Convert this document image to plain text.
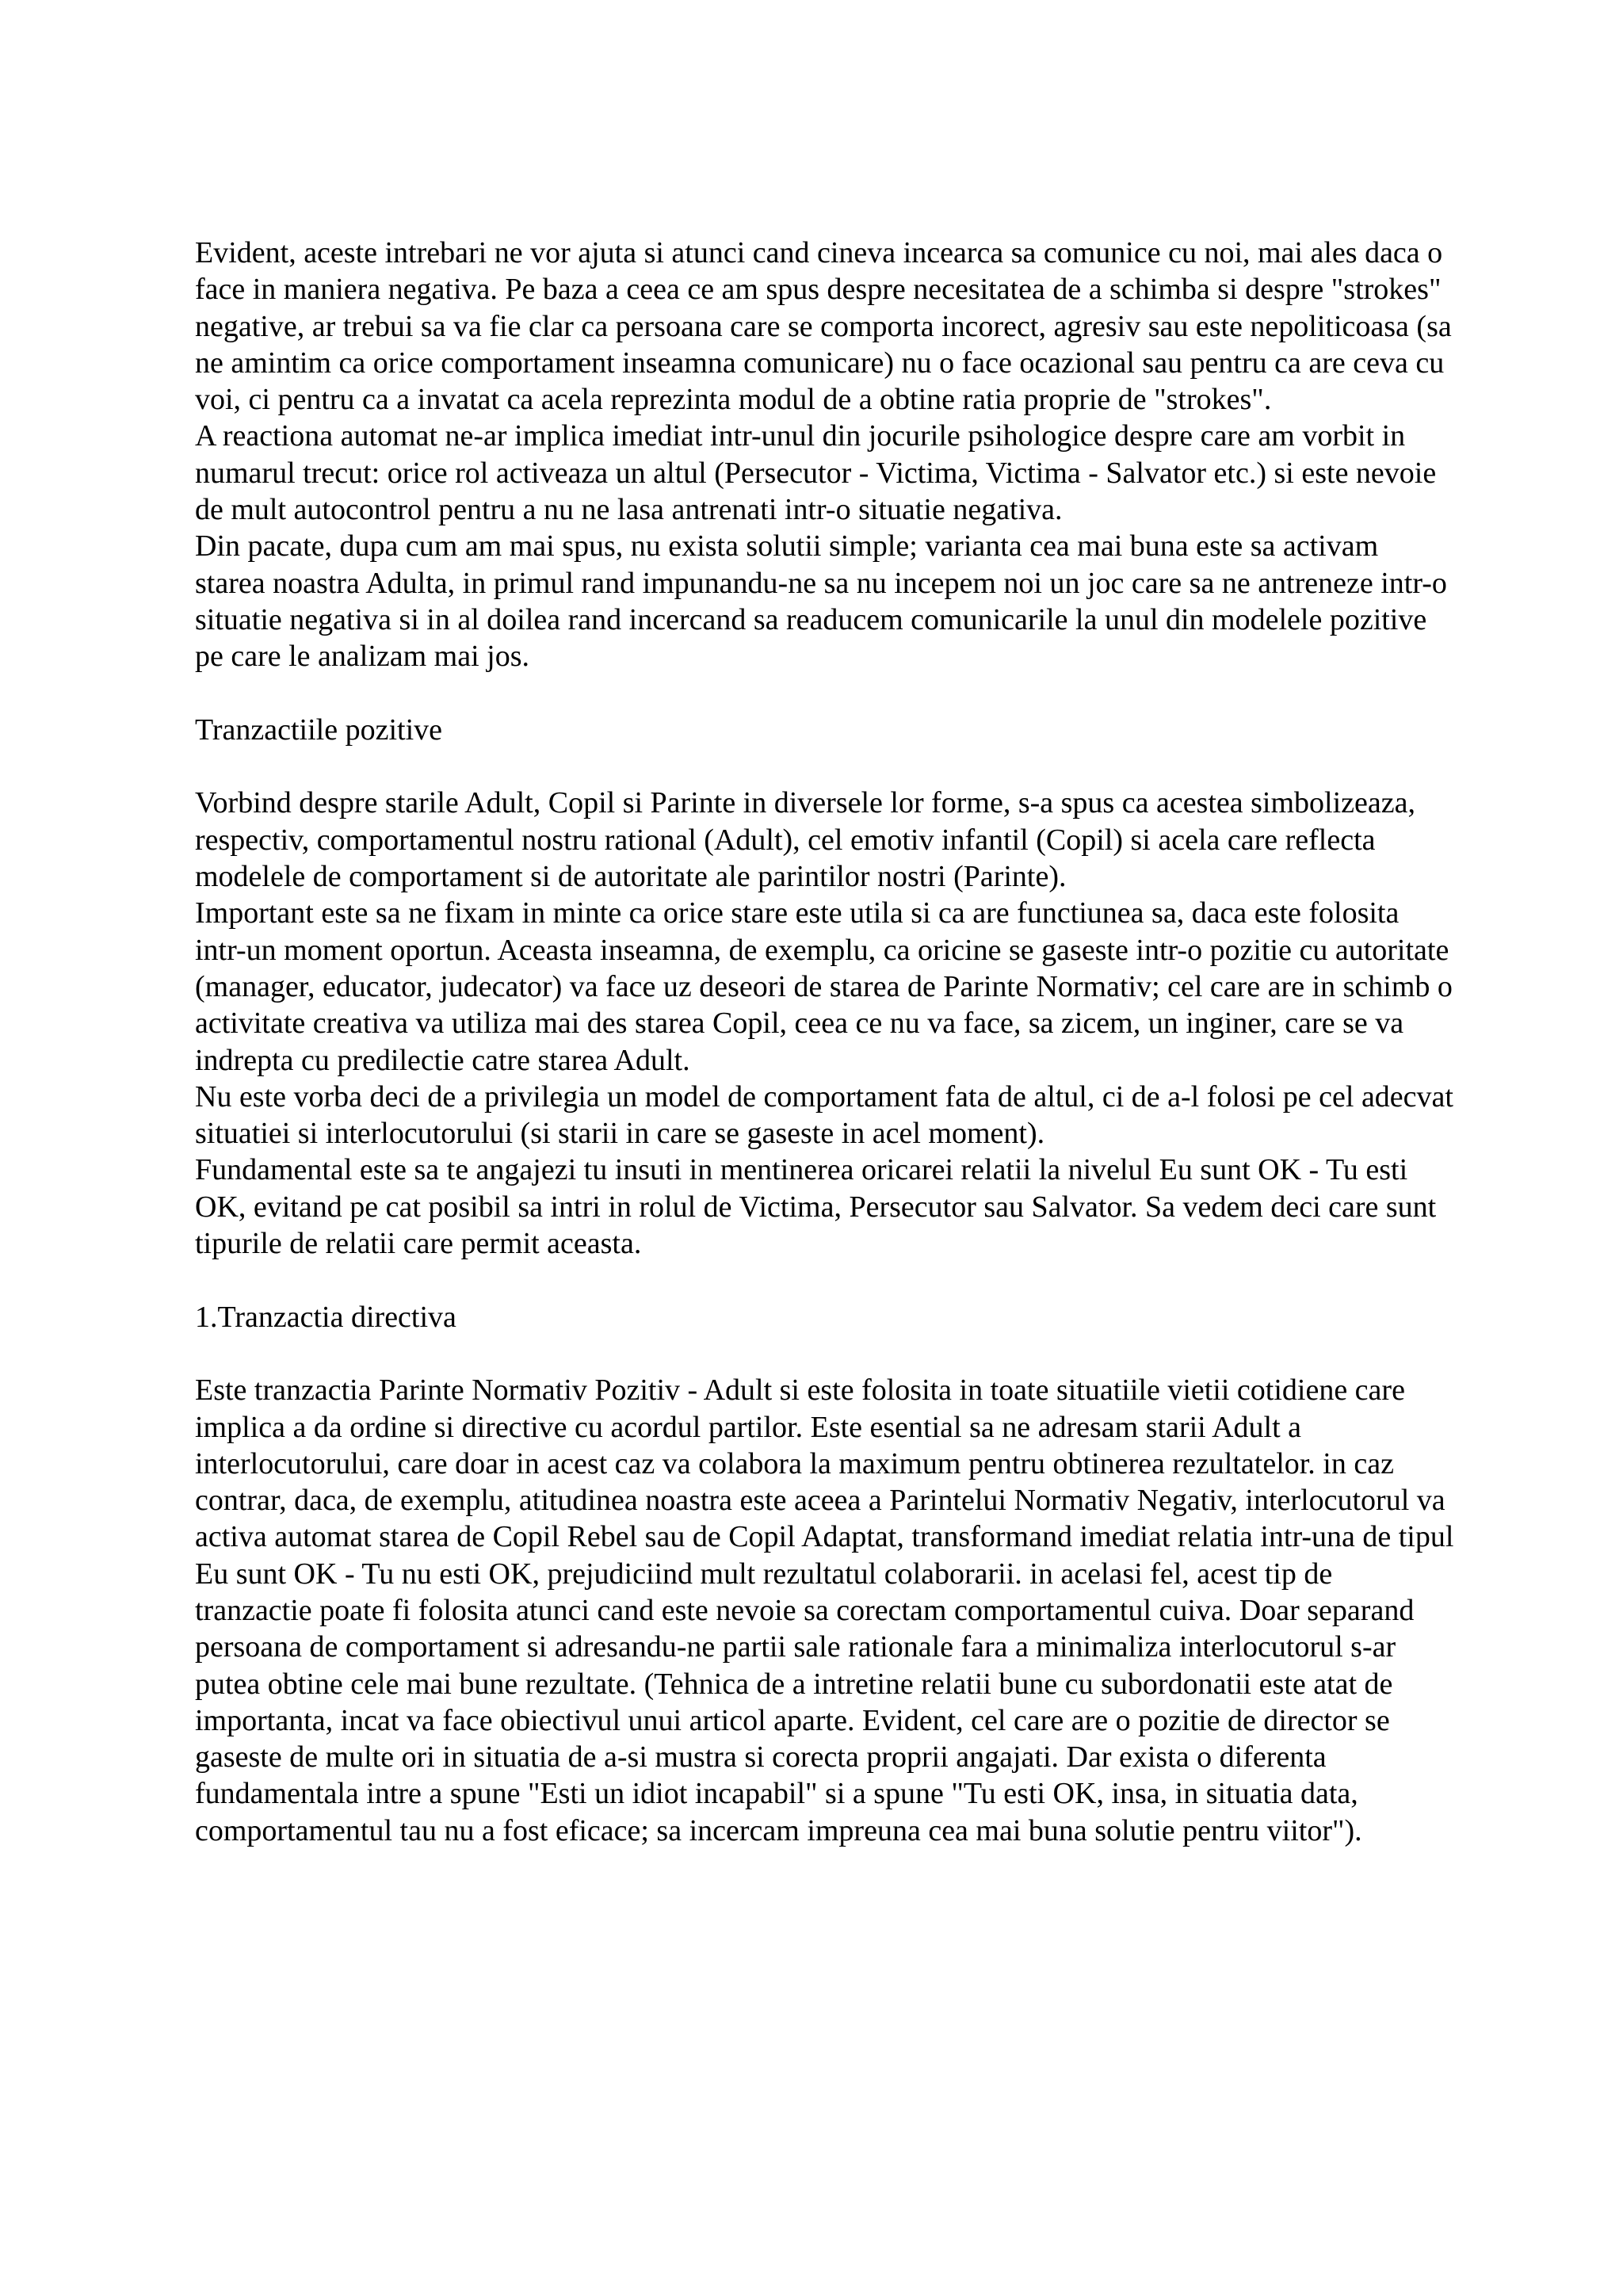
Evident, aceste intrebari ne vor ajuta si atunci cand cineva incearca sa comunice cu noi, mai ales daca o face in maniera negativa. Pe baza a ceea ce am spus despre necesitatea de a schimba si despre "strokes" negative, ar trebui sa va fie clar ca persoana care se comporta incorect, agresiv sau este nepoliticoasa (sa ne amintim ca orice comportament inseamna comunicare) nu o face ocazional sau pentru ca are ceva cu voi, ci pentru ca a invatat ca acela reprezinta modul de a obtine ratia proprie de "strokes".

A reactiona automat ne-ar implica imediat intr-unul din jocurile psihologice despre care am vorbit in numarul trecut: orice rol activeaza un altul (Persecutor - Victima, Victima - Salvator etc.) si este nevoie de mult autocontrol pentru a nu ne lasa antrenati intr-o situatie negativa.

Din pacate, dupa cum am mai spus, nu exista solutii simple; varianta cea mai buna este sa activam starea noastra Adulta, in primul rand impunandu-ne sa nu incepem noi un joc care sa ne antreneze intr-o situatie negativa si in al doilea rand incercand sa readucem comunicarile la unul din modelele pozitive pe care le analizam mai jos.

Tranzactiile pozitive

Vorbind despre starile Adult, Copil si Parinte in diversele lor forme, s-a spus ca acestea simbolizeaza, respectiv, comportamentul nostru rational (Adult), cel emotiv infantil (Copil) si acela care reflecta modelele de comportament si de autoritate ale parintilor nostri (Parinte).

Important este sa ne fixam in minte ca orice stare este utila si ca are functiunea sa, daca este folosita intr-un moment oportun. Aceasta inseamna, de exemplu, ca oricine se gaseste intr-o pozitie cu autoritate (manager, educator, judecator) va face uz deseori de starea de Parinte Normativ; cel care are in schimb o activitate creativa va utiliza mai des starea Copil, ceea ce nu va face, sa zicem, un inginer, care se va indrepta cu predilectie catre starea Adult.

Nu este vorba deci de a privilegia un model de comportament fata de altul, ci de a-l folosi pe cel adecvat situatiei si interlocutorului (si starii in care se gaseste in acel moment).

Fundamental este sa te angajezi tu insuti in mentinerea oricarei relatii la nivelul Eu sunt OK - Tu esti OK, evitand pe cat posibil sa intri in rolul de Victima, Persecutor sau Salvator. Sa vedem deci care sunt tipurile de relatii care permit aceasta.

1.Tranzactia directiva

Este tranzactia Parinte Normativ Pozitiv - Adult si este folosita in toate situatiile vietii cotidiene care implica a da ordine si directive cu acordul partilor. Este esential sa ne adresam starii Adult a interlocutorului, care doar in acest caz va colabora la maximum pentru obtinerea rezultatelor. in caz contrar, daca, de exemplu, atitudinea noastra este aceea a Parintelui Normativ Negativ, interlocutorul va activa automat starea de Copil Rebel sau de Copil Adaptat, transformand imediat relatia intr-una de tipul Eu sunt OK - Tu nu esti OK, prejudiciind mult rezultatul colaborarii. in acelasi fel, acest tip de tranzactie poate fi folosita atunci cand este nevoie sa corectam comportamentul cuiva. Doar separand persoana de comportament si adresandu-ne partii sale rationale fara a minimaliza interlocutorul s-ar putea obtine cele mai bune rezultate. (Tehnica de a intretine relatii bune cu subordonatii este atat de importanta, incat va face obiectivul unui articol aparte. Evident, cel care are o pozitie de director se gaseste de multe ori in situatia de a-si mustra si corecta proprii angajati. Dar exista o diferenta fundamentala intre a spune "Esti un idiot incapabil" si a spune "Tu esti OK, insa, in situatia data, comportamentul tau nu a fost eficace; sa incercam impreuna cea mai buna solutie pentru viitor").
